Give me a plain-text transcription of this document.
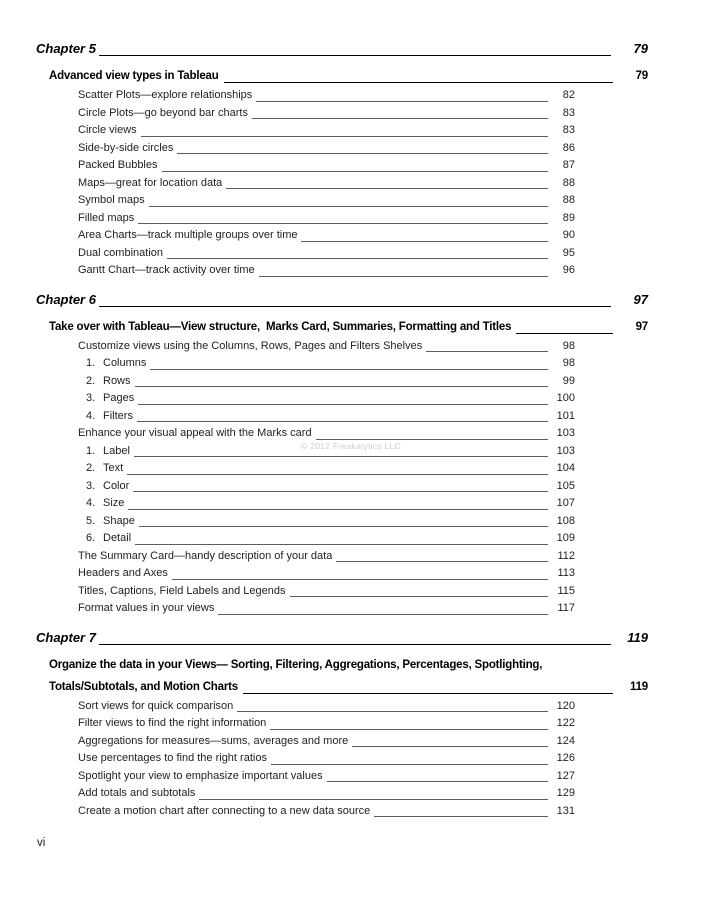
Chapter 5	79
Advanced view types in Tableau	79
Scatter Plots—explore relationships	82
Circle Plots—go beyond bar charts	83
Circle views	83
Side-by-side circles	86
Packed Bubbles	87
Maps—great for location data	88
Symbol maps	88
Filled maps	89
Area Charts—track multiple groups over time	90
Dual combination	95
Gantt Chart—track activity over time	96
Chapter 6	97
Take over with Tableau—View structure,  Marks Card, Summaries, Formatting and Titles	97
Customize views using the Columns, Rows, Pages and Filters Shelves	98
1. Columns	98
2. Rows	99
3. Pages	100
4. Filters	101
Enhance your visual appeal with the Marks card	103
1. Label	103
2. Text	104
3. Color	105
4. Size	107
5. Shape	108
6. Detail	109
The Summary Card—handy description of your data	112
Headers and Axes	113
Titles, Captions, Field Labels and Legends	115
Format values in your views	117
Chapter 7	119
Organize the data in your Views— Sorting, Filtering, Aggregations, Percentages, Spotlighting,
Totals/Subtotals, and Motion Charts	119
Sort views for quick comparison	120
Filter views to find the right information	122
Aggregations for measures—sums, averages and more	124
Use percentages to find the right ratios	126
Spotlight your view to emphasize important values	127
Add totals and subtotals	129
Create a motion chart after connecting to a new data source	131
© 2012 Freakalytics LLC
vi
